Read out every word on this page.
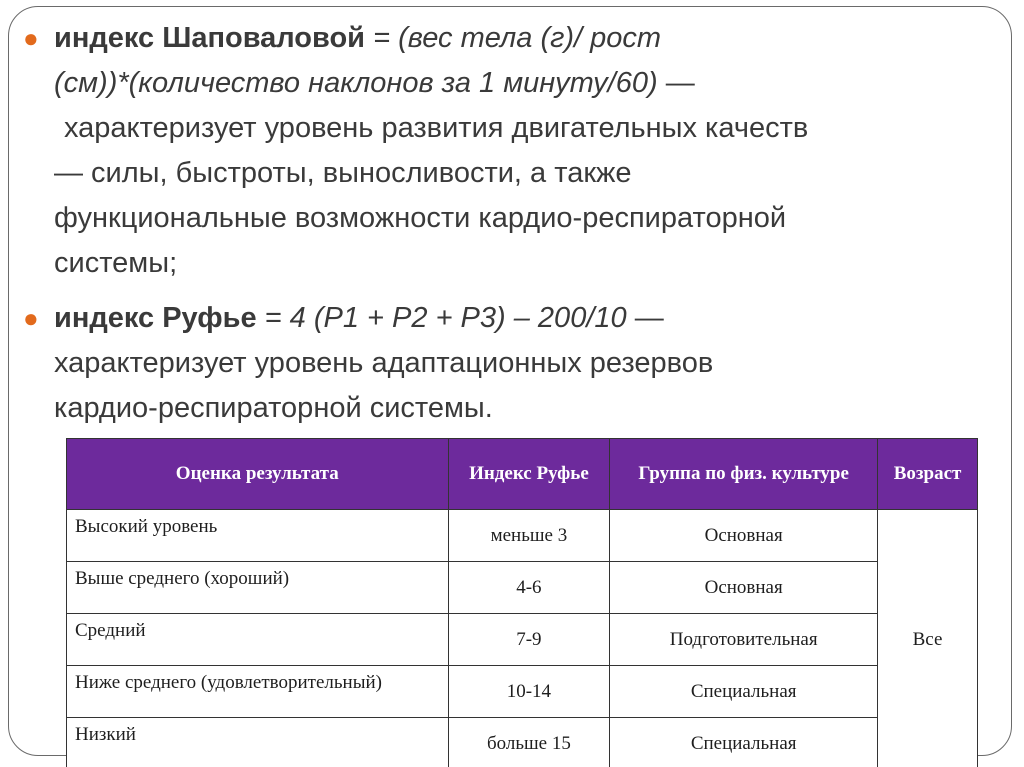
● индекс Шаповаловой = (вес тела (г)/ рост
(см))*(количество наклонов за 1 минуту/60) —
характеризует уровень развития двигательных качеств
— силы, быстроты, выносливости, а также
функциональные возможности кардио-респираторной
системы;
● индекс Руфье = 4 (P1 + P2 + P3) – 200/10 —
характеризует уровень адаптационных резервов
кардио-респираторной системы.
Оценка результата	Индекс Руфье	Группа по физ. культуре	Возраст
Высокий уровень	меньше 3	Основная	Все
Выше среднего (хороший)	4-6	Основная	
Средний	7-9	Подготовительная	
Ниже среднего (удовлетворительный)	10-14	Специальная	
Низкий	больше 15	Специальная	
